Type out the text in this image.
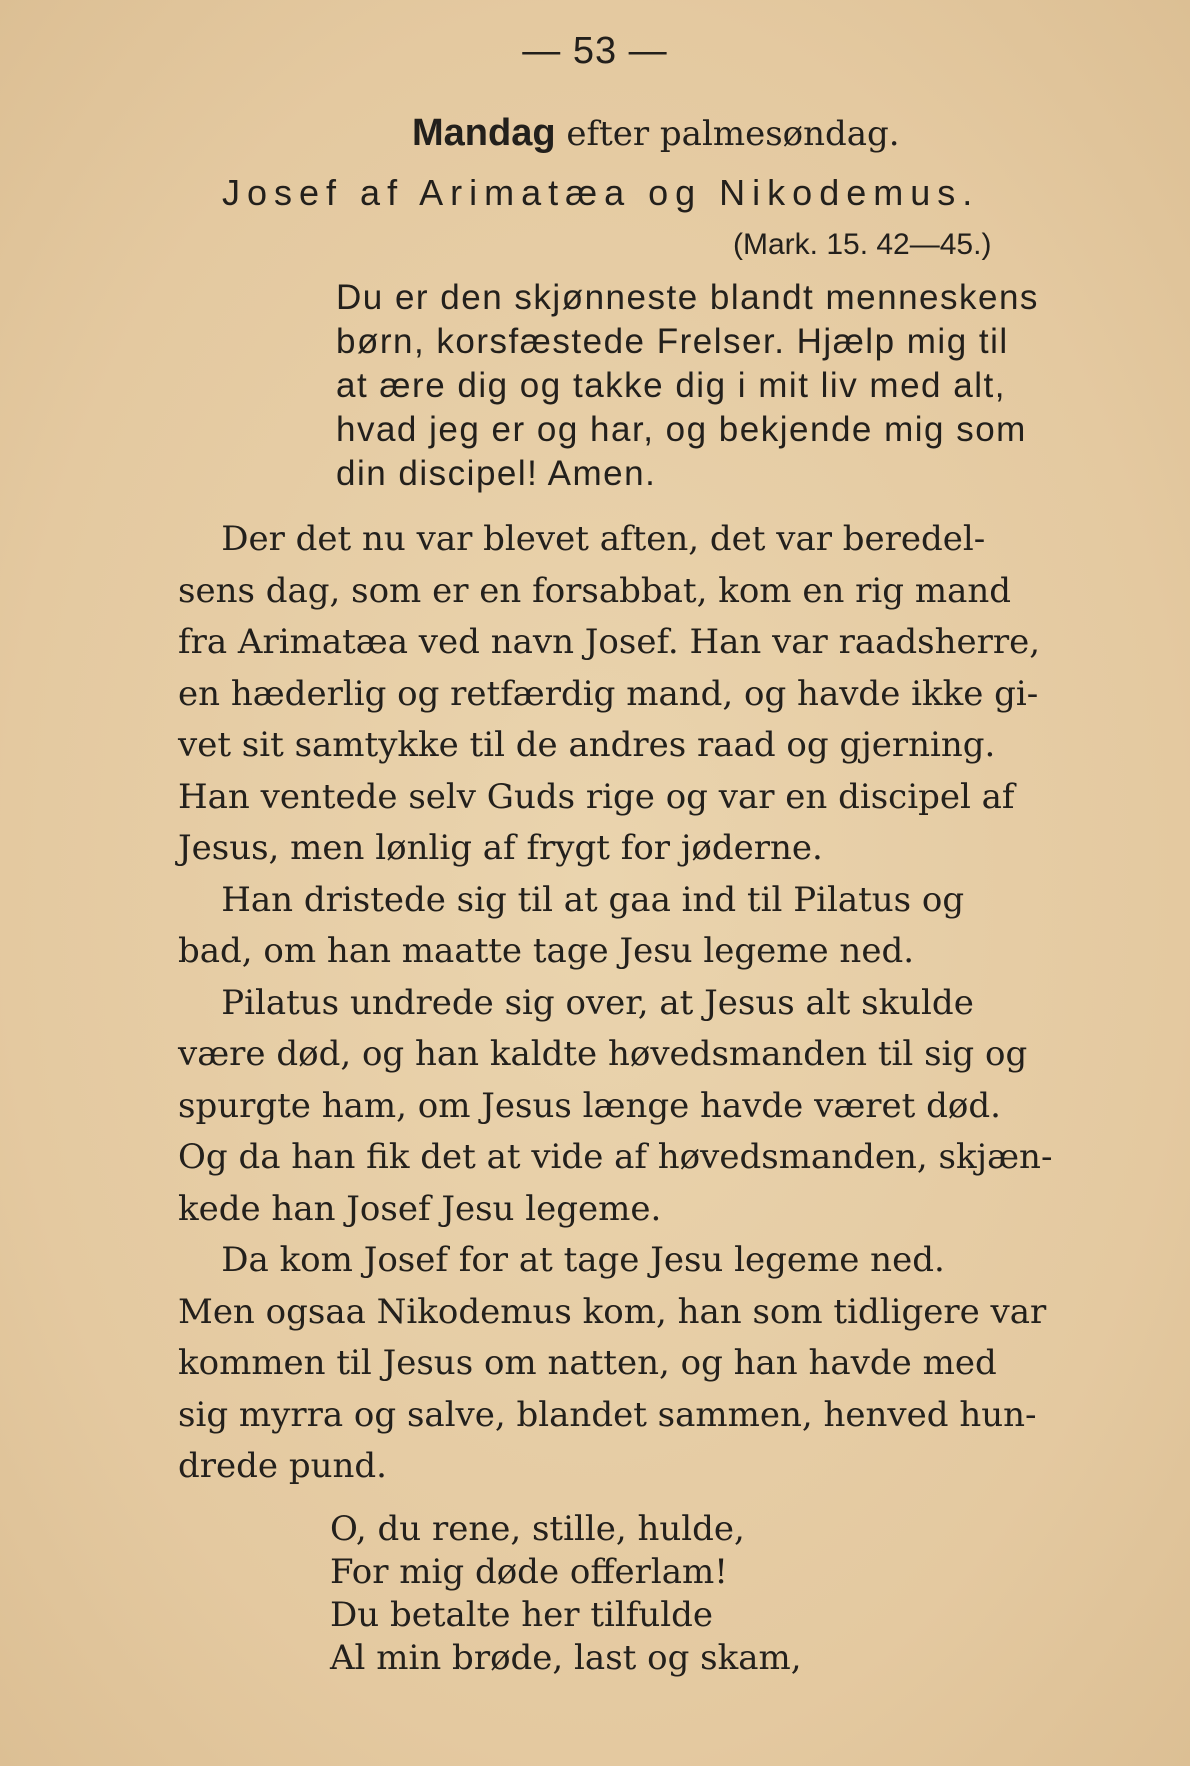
— 53 —
Mandag efter palmesøndag.
Josef af Arimatæa og Nikodemus.
(Mark. 15. 42—45.)
Du er den skjønneste blandt menneskens
børn, korsfæstede Frelser. Hjælp mig til
at ære dig og takke dig i mit liv med alt,
hvad jeg er og har, og bekjende mig som
din discipel! Amen.
Der det nu var blevet aften, det var beredel-
sens dag, som er en forsabbat, kom en rig mand
fra Arimatæa ved navn Josef. Han var raadsherre,
en hæderlig og retfærdig mand, og havde ikke gi-
vet sit samtykke til de andres raad og gjerning.
Han ventede selv Guds rige og var en discipel af
Jesus, men lønlig af frygt for jøderne.
Han dristede sig til at gaa ind til Pilatus og
bad, om han maatte tage Jesu legeme ned.
Pilatus undrede sig over, at Jesus alt skulde
være død, og han kaldte høvedsmanden til sig og
spurgte ham, om Jesus længe havde været død.
Og da han fik det at vide af høvedsmanden, skjæn-
kede han Josef Jesu legeme.
Da kom Josef for at tage Jesu legeme ned.
Men ogsaa Nikodemus kom, han som tidligere var
kommen til Jesus om natten, og han havde med
sig myrra og salve, blandet sammen, henved hun-
drede pund.
O, du rene, stille, hulde,
For mig døde offerlam!
Du betalte her tilfulde
Al min brøde, last og skam,
